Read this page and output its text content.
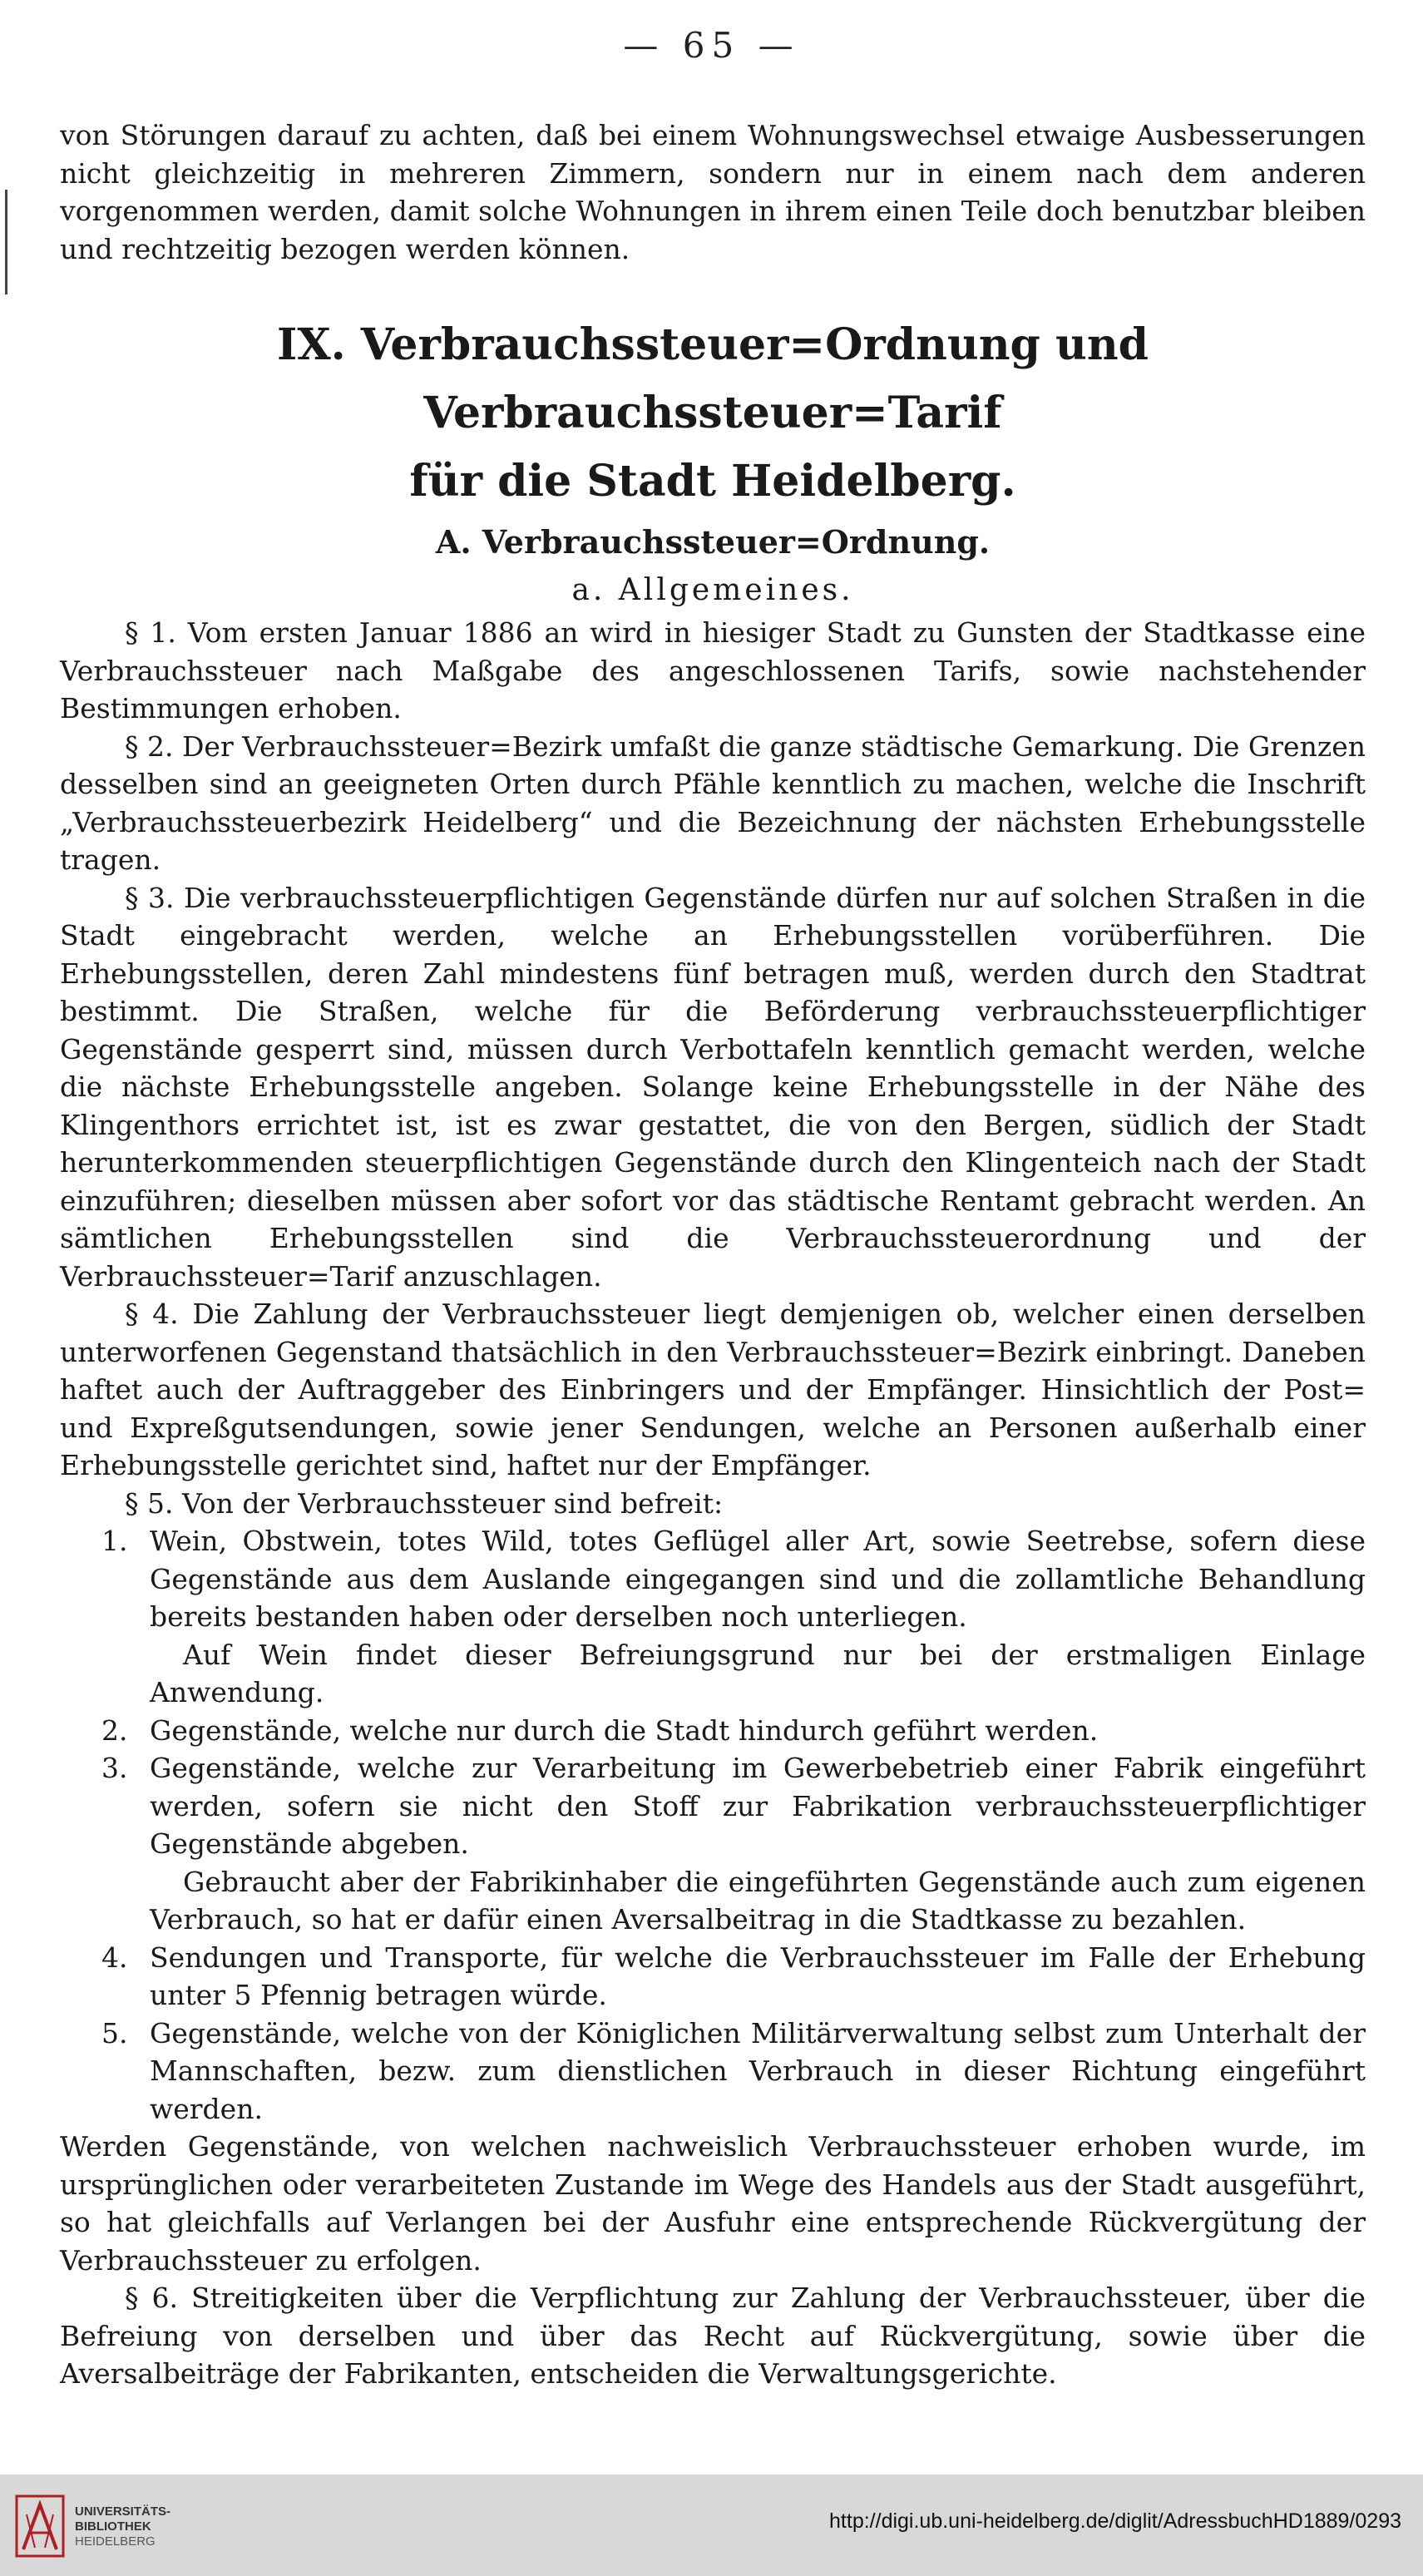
— 65 —

von Störungen darauf zu achten, daß bei einem Wohnungswechsel etwaige Ausbesserungen nicht gleichzeitig in mehreren Zimmern, sondern nur in einem nach dem anderen vorgenommen werden, damit solche Wohnungen in ihrem einen Teile doch benutzbar bleiben und rechtzeitig bezogen werden können.

IX. Verbrauchssteuer=Ordnung und Verbrauchssteuer=Tarif

für die Stadt Heidelberg.

A. Verbrauchssteuer=Ordnung.

a. Allgemeines.

§ 1. Vom ersten Januar 1886 an wird in hiesiger Stadt zu Gunsten der Stadtkasse eine Verbrauchssteuer nach Maßgabe des angeschlossenen Tarifs, sowie nachstehender Bestimmungen erhoben.

§ 2. Der Verbrauchssteuer=Bezirk umfaßt die ganze städtische Gemarkung. Die Grenzen desselben sind an geeigneten Orten durch Pfähle kenntlich zu machen, welche die Inschrift „Verbrauchssteuerbezirk Heidelberg“ und die Bezeichnung der nächsten Erhebungsstelle tragen.

§ 3. Die verbrauchssteuerpflichtigen Gegenstände dürfen nur auf solchen Straßen in die Stadt eingebracht werden, welche an Erhebungsstellen vorüberführen. Die Erhebungsstellen, deren Zahl mindestens fünf betragen muß, werden durch den Stadtrat bestimmt. Die Straßen, welche für die Beförderung verbrauchssteuerpflichtiger Gegenstände gesperrt sind, müssen durch Verbottafeln kenntlich gemacht werden, welche die nächste Erhebungsstelle angeben. Solange keine Erhebungsstelle in der Nähe des Klingenthors errichtet ist, ist es zwar gestattet, die von den Bergen, südlich der Stadt herunterkommenden steuerpflichtigen Gegenstände durch den Klingenteich nach der Stadt einzuführen; dieselben müssen aber sofort vor das städtische Rentamt gebracht werden. An sämtlichen Erhebungsstellen sind die Verbrauchssteuerordnung und der Verbrauchssteuer=Tarif anzuschlagen.

§ 4. Die Zahlung der Verbrauchssteuer liegt demjenigen ob, welcher einen derselben unterworfenen Gegenstand thatsächlich in den Verbrauchssteuer=Bezirk einbringt. Daneben haftet auch der Auftraggeber des Einbringers und der Empfänger. Hinsichtlich der Post= und Expreßgutsendungen, sowie jener Sendungen, welche an Personen außerhalb einer Erhebungsstelle gerichtet sind, haftet nur der Empfänger.

§ 5. Von der Verbrauchssteuer sind befreit:

1. Wein, Obstwein, totes Wild, totes Geflügel aller Art, sowie Seetrebse, sofern diese Gegenstände aus dem Auslande eingegangen sind und die zollamtliche Behandlung bereits bestanden haben oder derselben noch unterliegen.

Auf Wein findet dieser Befreiungsgrund nur bei der erstmaligen Einlage Anwendung.

2. Gegenstände, welche nur durch die Stadt hindurch geführt werden.

3. Gegenstände, welche zur Verarbeitung im Gewerbebetrieb einer Fabrik eingeführt werden, sofern sie nicht den Stoff zur Fabrikation verbrauchssteuerpflichtiger Gegenstände abgeben.

Gebraucht aber der Fabrikinhaber die eingeführten Gegenstände auch zum eigenen Verbrauch, so hat er dafür einen Aversalbeitrag in die Stadtkasse zu bezahlen.

4. Sendungen und Transporte, für welche die Verbrauchssteuer im Falle der Erhebung unter 5 Pfennig betragen würde.

5. Gegenstände, welche von der Königlichen Militärverwaltung selbst zum Unterhalt der Mannschaften, bezw. zum dienstlichen Verbrauch in dieser Richtung eingeführt werden.

Werden Gegenstände, von welchen nachweislich Verbrauchssteuer erhoben wurde, im ursprünglichen oder verarbeiteten Zustande im Wege des Handels aus der Stadt ausgeführt, so hat gleichfalls auf Verlangen bei der Ausfuhr eine entsprechende Rückvergütung der Verbrauchssteuer zu erfolgen.

§ 6. Streitigkeiten über die Verpflichtung zur Zahlung der Verbrauchssteuer, über die Befreiung von derselben und über das Recht auf Rückvergütung, sowie über die Aversalbeiträge der Fabrikanten, entscheiden die Verwaltungsgerichte.

UNIVERSITÄTS-
BIBLIOTHEK
HEIDELBERG
http://digi.ub.uni-heidelberg.de/diglit/AdressbuchHD1889/0293
